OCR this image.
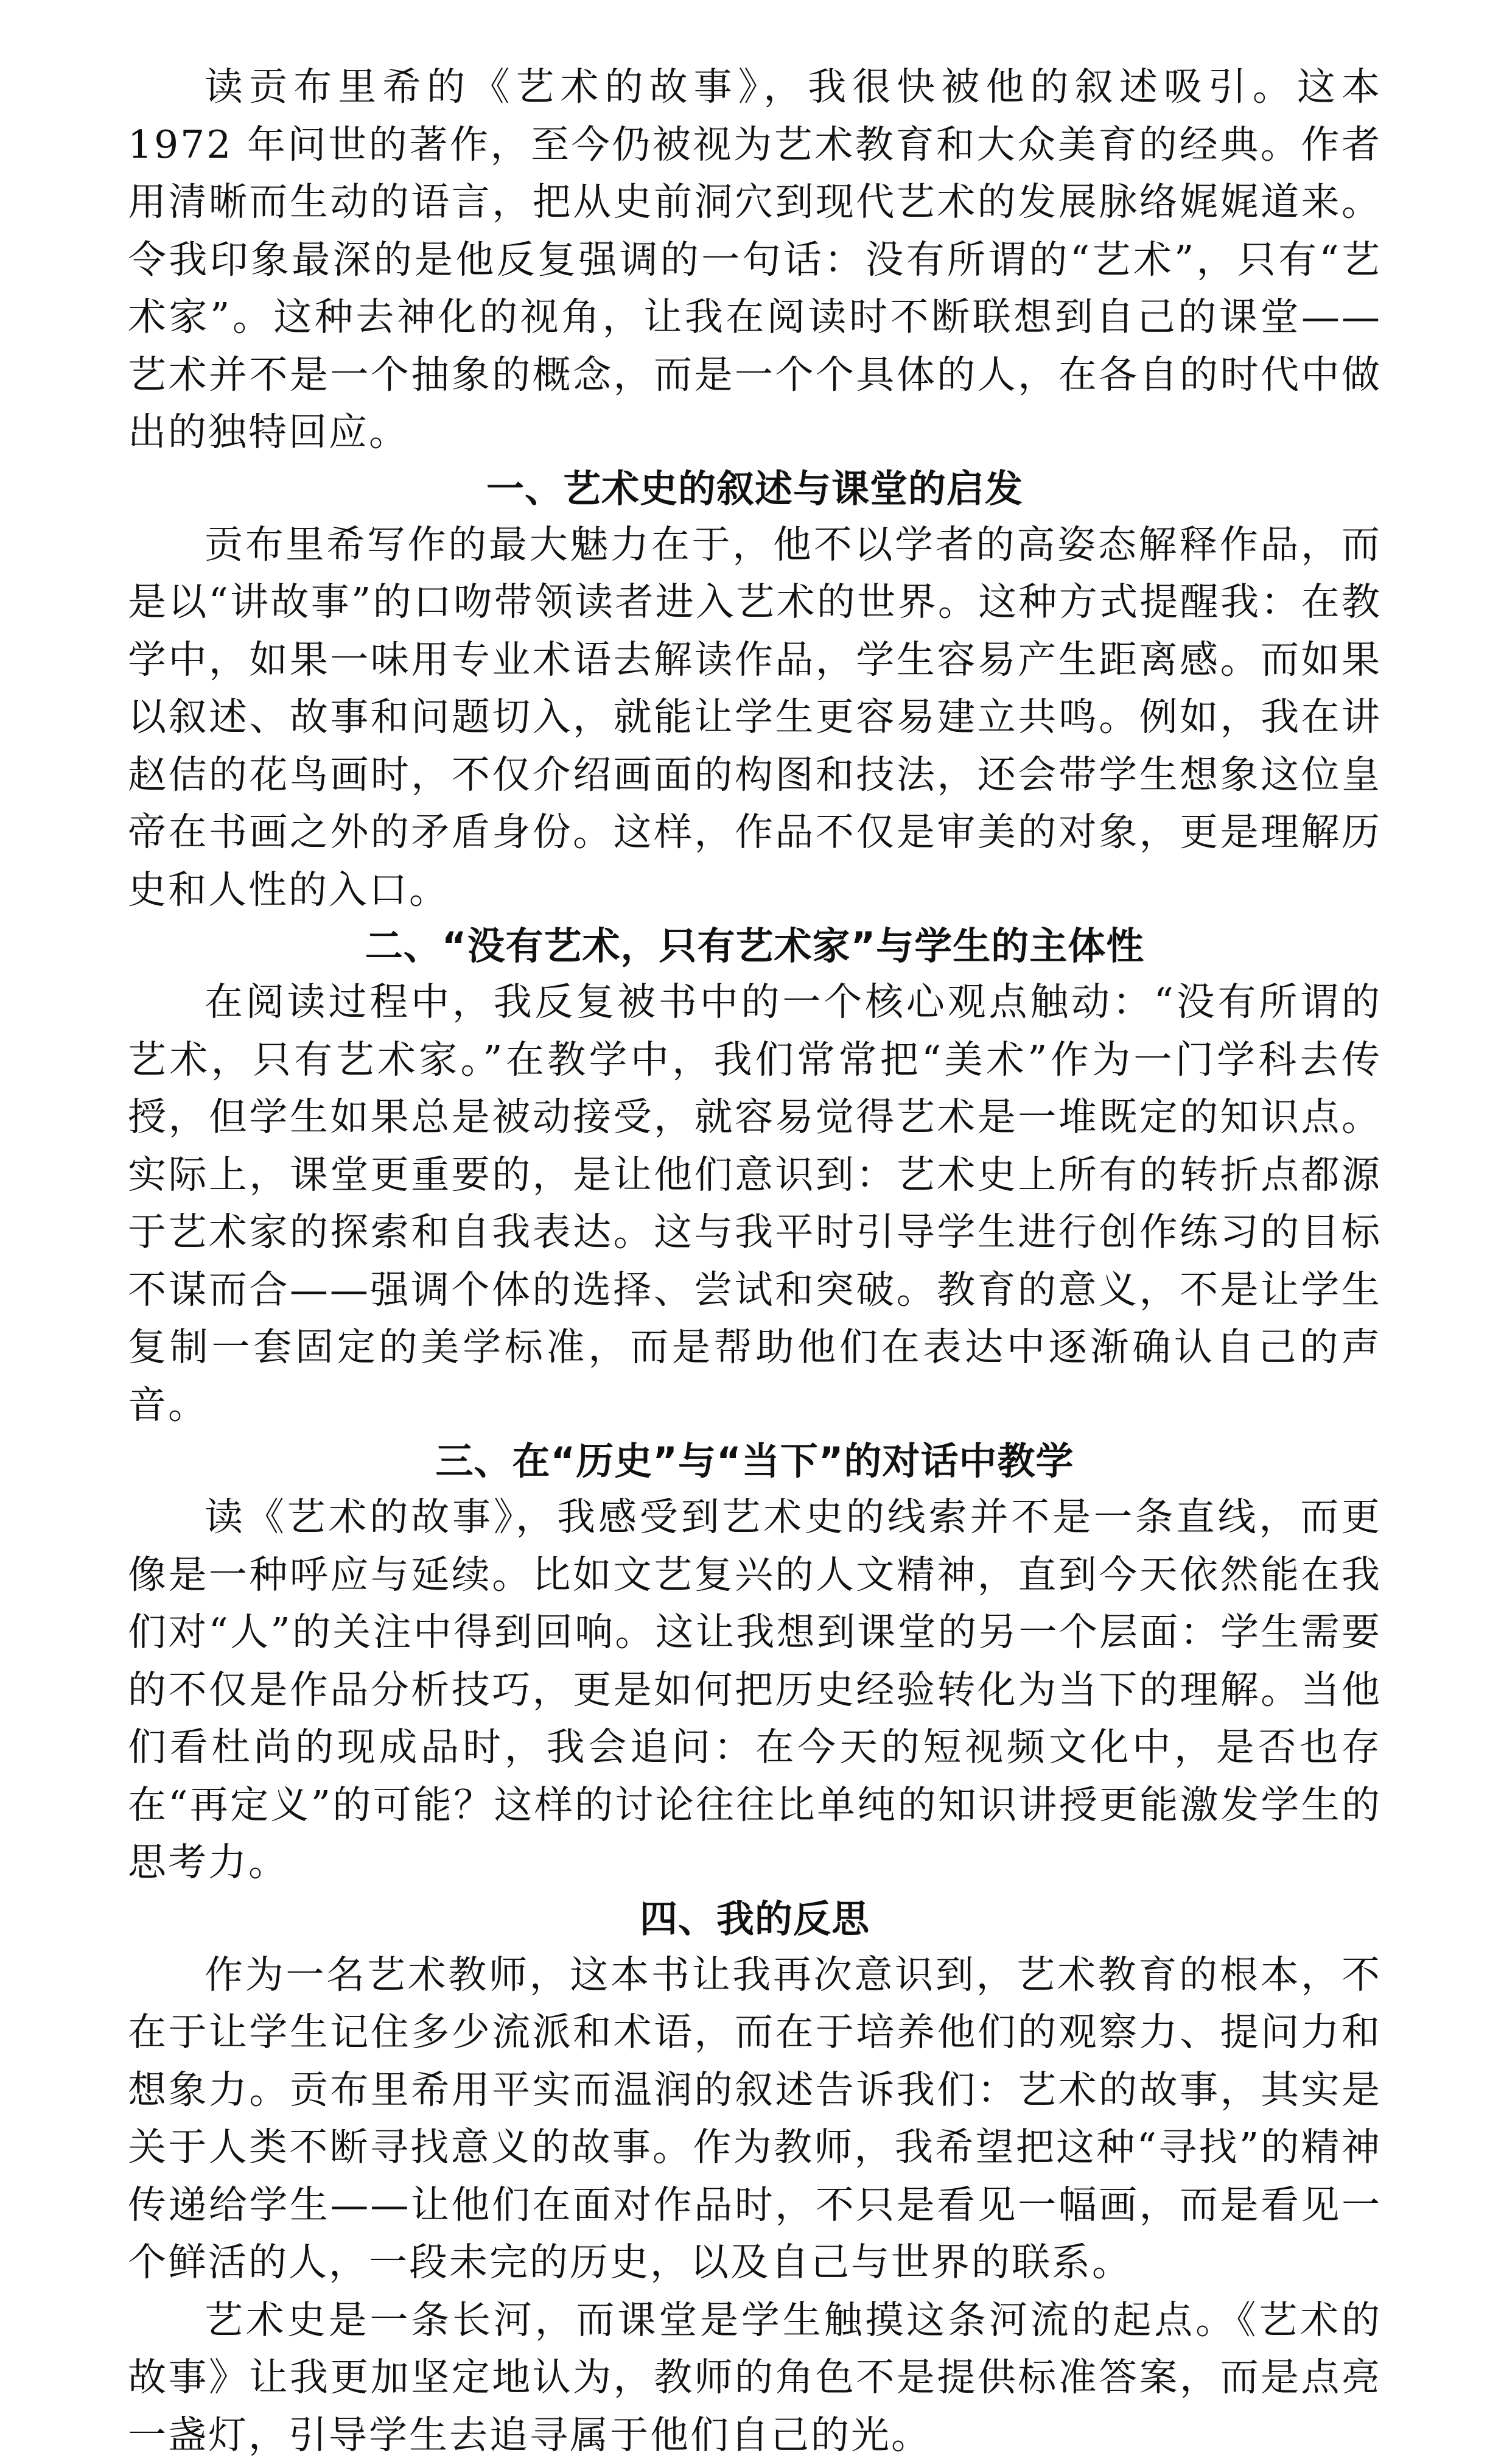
读贡布里希的《艺术的故事》，我很快被他的叙述吸引。这本 1972 年问世的著作，至今仍被视为艺术教育和大众美育的经典。作者用清晰而生动的语言，把从史前洞穴到现代艺术的发展脉络娓娓道来。令我印象最深的是他反复强调的一句话：没有所谓的“艺术”，只有“艺术家”。这种去神化的视角，让我在阅读时不断联想到自己的课堂——艺术并不是一个抽象的概念，而是一个个具体的人，在各自的时代中做出的独特回应。

一、艺术史的叙述与课堂的启发

贡布里希写作的最大魅力在于，他不以学者的高姿态解释作品，而是以“讲故事”的口吻带领读者进入艺术的世界。这种方式提醒我：在教学中，如果一味用专业术语去解读作品，学生容易产生距离感。而如果以叙述、故事和问题切入，就能让学生更容易建立共鸣。例如，我在讲赵佶的花鸟画时，不仅介绍画面的构图和技法，还会带学生想象这位皇帝在书画之外的矛盾身份。这样，作品不仅是审美的对象，更是理解历史和人性的入口。

二、“没有艺术，只有艺术家”与学生的主体性

在阅读过程中，我反复被书中的一个核心观点触动：“没有所谓的艺术，只有艺术家。”在教学中，我们常常把“美术”作为一门学科去传授，但学生如果总是被动接受，就容易觉得艺术是一堆既定的知识点。实际上，课堂更重要的，是让他们意识到：艺术史上所有的转折点都源于艺术家的探索和自我表达。这与我平时引导学生进行创作练习的目标不谋而合——强调个体的选择、尝试和突破。教育的意义，不是让学生复制一套固定的美学标准，而是帮助他们在表达中逐渐确认自己的声音。

三、在“历史”与“当下”的对话中教学

读《艺术的故事》，我感受到艺术史的线索并不是一条直线，而更像是一种呼应与延续。比如文艺复兴的人文精神，直到今天依然能在我们对“人”的关注中得到回响。这让我想到课堂的另一个层面：学生需要的不仅是作品分析技巧，更是如何把历史经验转化为当下的理解。当他们看杜尚的现成品时，我会追问：在今天的短视频文化中，是否也存在“再定义”的可能？这样的讨论往往比单纯的知识讲授更能激发学生的思考力。

四、我的反思

作为一名艺术教师，这本书让我再次意识到，艺术教育的根本，不在于让学生记住多少流派和术语，而在于培养他们的观察力、提问力和想象力。贡布里希用平实而温润的叙述告诉我们：艺术的故事，其实是关于人类不断寻找意义的故事。作为教师，我希望把这种“寻找”的精神传递给学生——让他们在面对作品时，不只是看见一幅画，而是看见一个鲜活的人，一段未完的历史，以及自己与世界的联系。

艺术史是一条长河，而课堂是学生触摸这条河流的起点。《艺术的故事》让我更加坚定地认为，教师的角色不是提供标准答案，而是点亮一盏灯，引导学生去追寻属于他们自己的光。
